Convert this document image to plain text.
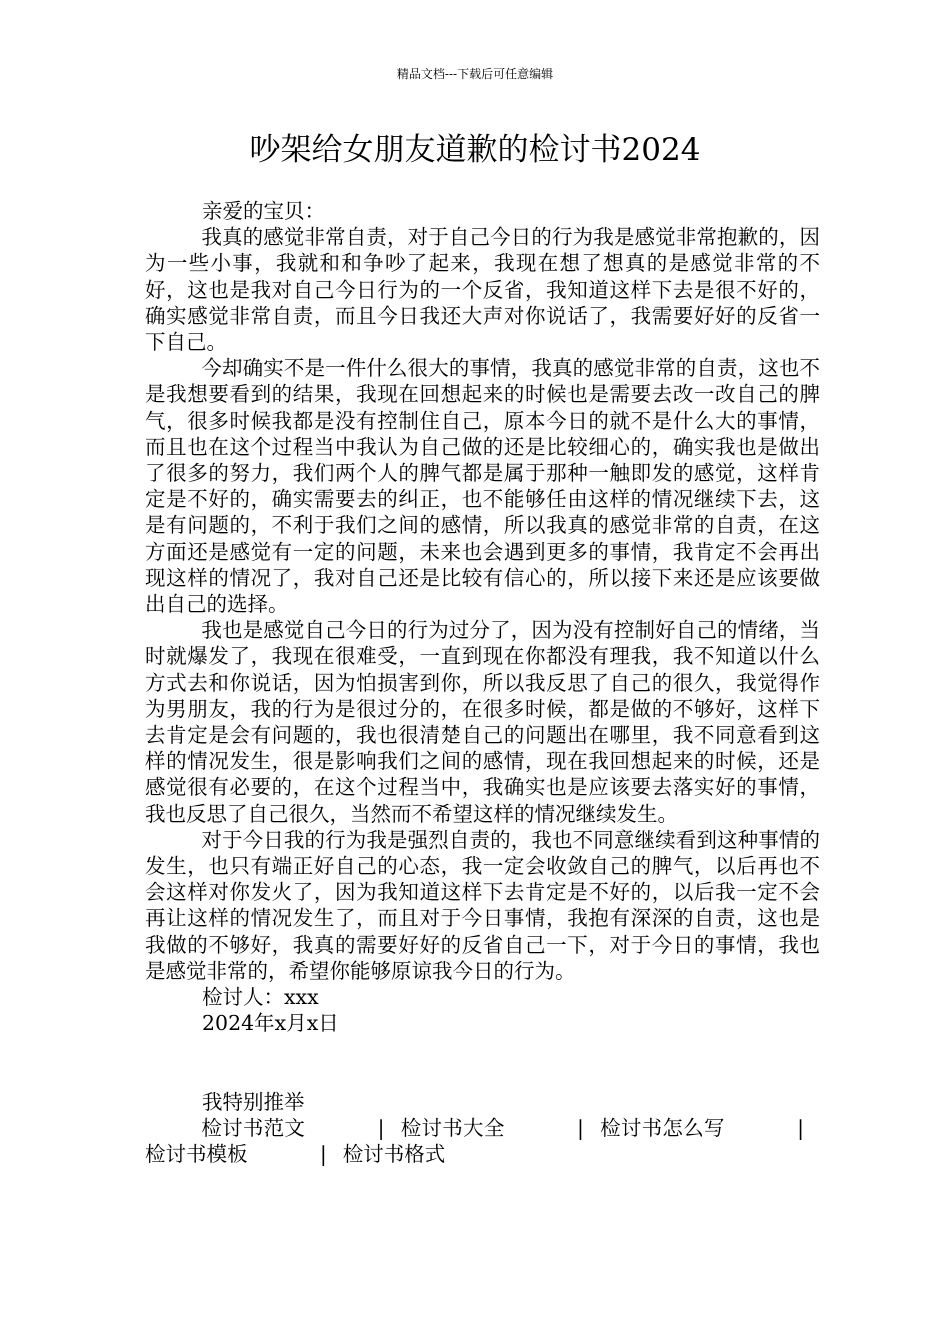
精品文档---下载后可任意编辑
吵架给女朋友道歉的检讨书2024

亲爱的宝贝：

我真的感觉非常自责，对于自己今日的行为我是感觉非常抱歉的，因为一些小事，我就和和争吵了起来，我现在想了想真的是感觉非常的不好，这也是我对自己今日行为的一个反省，我知道这样下去是很不好的，确实感觉非常自责，而且今日我还大声对你说话了，我需要好好的反省一下自己。

今却确实不是一件什么很大的事情，我真的感觉非常的自责，这也不是我想要看到的结果，我现在回想起来的时候也是需要去改一改自己的脾气，很多时候我都是没有控制住自己，原本今日的就不是什么大的事情，而且也在这个过程当中我认为自己做的还是比较细心的，确实我也是做出了很多的努力，我们两个人的脾气都是属于那种一触即发的感觉，这样肯定是不好的，确实需要去的纠正，也不能够任由这样的情况继续下去，这是有问题的，不利于我们之间的感情，所以我真的感觉非常的自责，在这方面还是感觉有一定的问题，未来也会遇到更多的事情，我肯定不会再出现这样的情况了，我对自己还是比较有信心的，所以接下来还是应该要做出自己的选择。

我也是感觉自己今日的行为过分了，因为没有控制好自己的情绪，当时就爆发了，我现在很难受，一直到现在你都没有理我，我不知道以什么方式去和你说话，因为怕损害到你，所以我反思了自己的很久，我觉得作为男朋友，我的行为是很过分的，在很多时候，都是做的不够好，这样下去肯定是会有问题的，我也很清楚自己的问题出在哪里，我不同意看到这样的情况发生，很是影响我们之间的感情，现在我回想起来的时候，还是感觉很有必要的，在这个过程当中，我确实也是应该要去落实好的事情，我也反思了自己很久，当然而不希望这样的情况继续发生。

对于今日我的行为我是强烈自责的，我也不同意继续看到这种事情的发生，也只有端正好自己的心态，我一定会收敛自己的脾气，以后再也不会这样对你发火了，因为我知道这样下去肯定是不好的，以后我一定不会再让这样的情况发生了，而且对于今日事情，我抱有深深的自责，这也是我做的不够好，我真的需要好好的反省自己一下，对于今日的事情，我也是感觉非常的，希望你能够原谅我今日的行为。

检讨人：xxx

2024年x月x日

我特别推举

检讨书范文	| 检讨书大全	| 检讨书怎么写	|检讨书模板	| 检讨书格式
